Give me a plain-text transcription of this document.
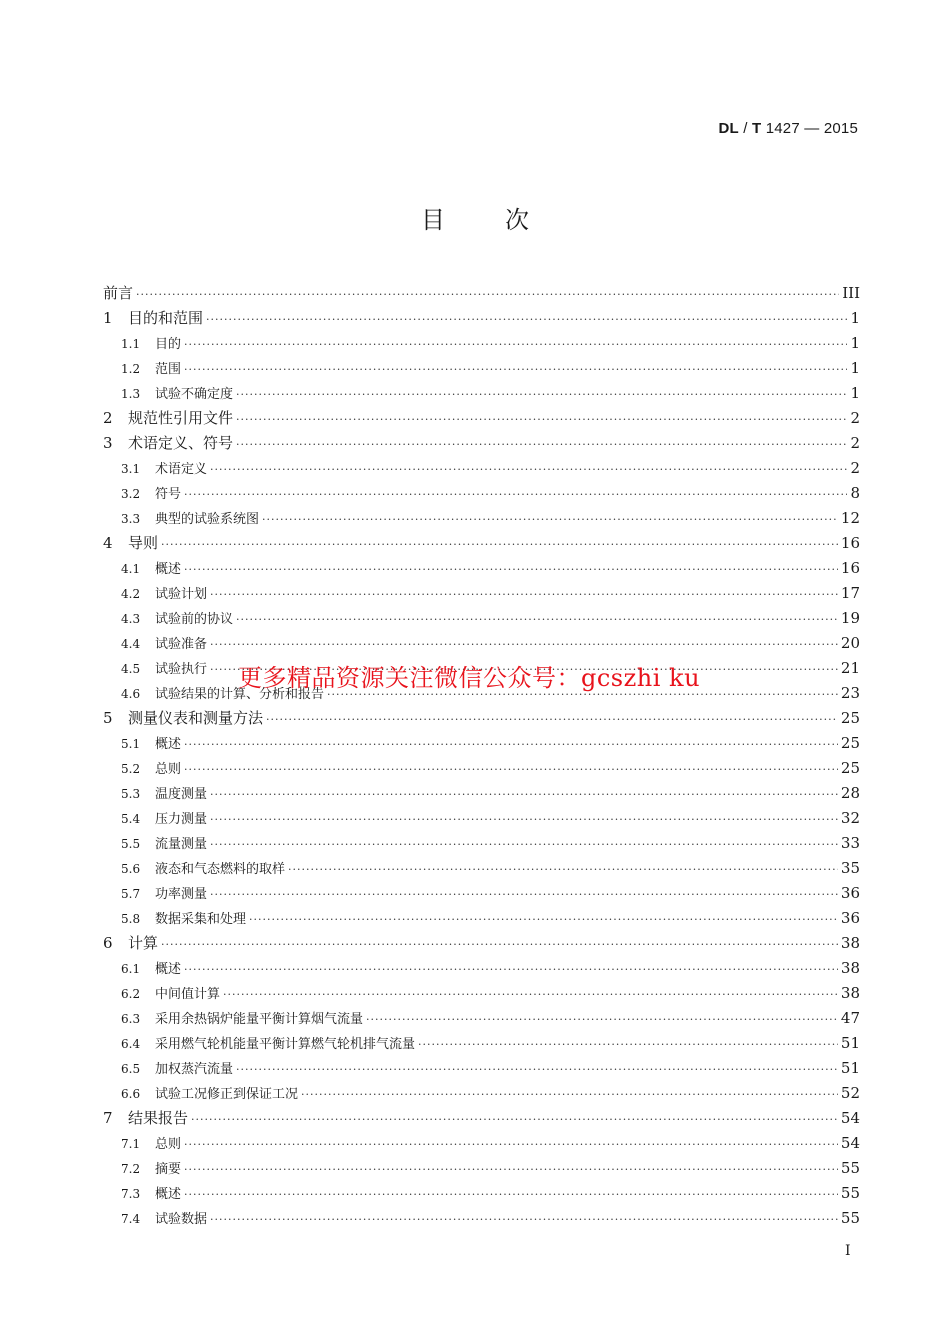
DL / T 1427 — 2015
目次
前言 ·····	III
1	目的和范围 ·····	1
1.1	目的 ·····	1
1.2	范围 ·····	1
1.3	试验不确定度 ·····	1
2	规范性引用文件 ·····	2
3	术语定义、符号 ·····	2
3.1	术语定义 ·····	2
3.2	符号 ·····	8
3.3	典型的试验系统图 ·····	12
4	导则 ·····	16
4.1	概述 ·····	16
4.2	试验计划 ·····	17
4.3	试验前的协议 ·····	19
4.4	试验准备 ·····	20
4.5	试验执行 ·····	21
4.6	试验结果的计算、分析和报告 ·····	23
5	测量仪表和测量方法 ·····	25
5.1	概述 ·····	25
5.2	总则 ·····	25
5.3	温度测量 ·····	28
5.4	压力测量 ·····	32
5.5	流量测量 ·····	33
5.6	液态和气态燃料的取样 ·····	35
5.7	功率测量 ·····	36
5.8	数据采集和处理 ·····	36
6	计算 ·····	38
6.1	概述 ·····	38
6.2	中间值计算 ·····	38
6.3	采用余热锅炉能量平衡计算烟气流量 ·····	47
6.4	采用燃气轮机能量平衡计算燃气轮机排气流量 ·····	51
6.5	加权蒸汽流量 ·····	51
6.6	试验工况修正到保证工况 ·····	52
7	结果报告 ·····	54
7.1	总则 ·····	54
7.2	摘要 ·····	55
7.3	概述 ·····	55
7.4	试验数据 ·····	55
更多精品资源关注微信公众号：gcszhi ku
I
